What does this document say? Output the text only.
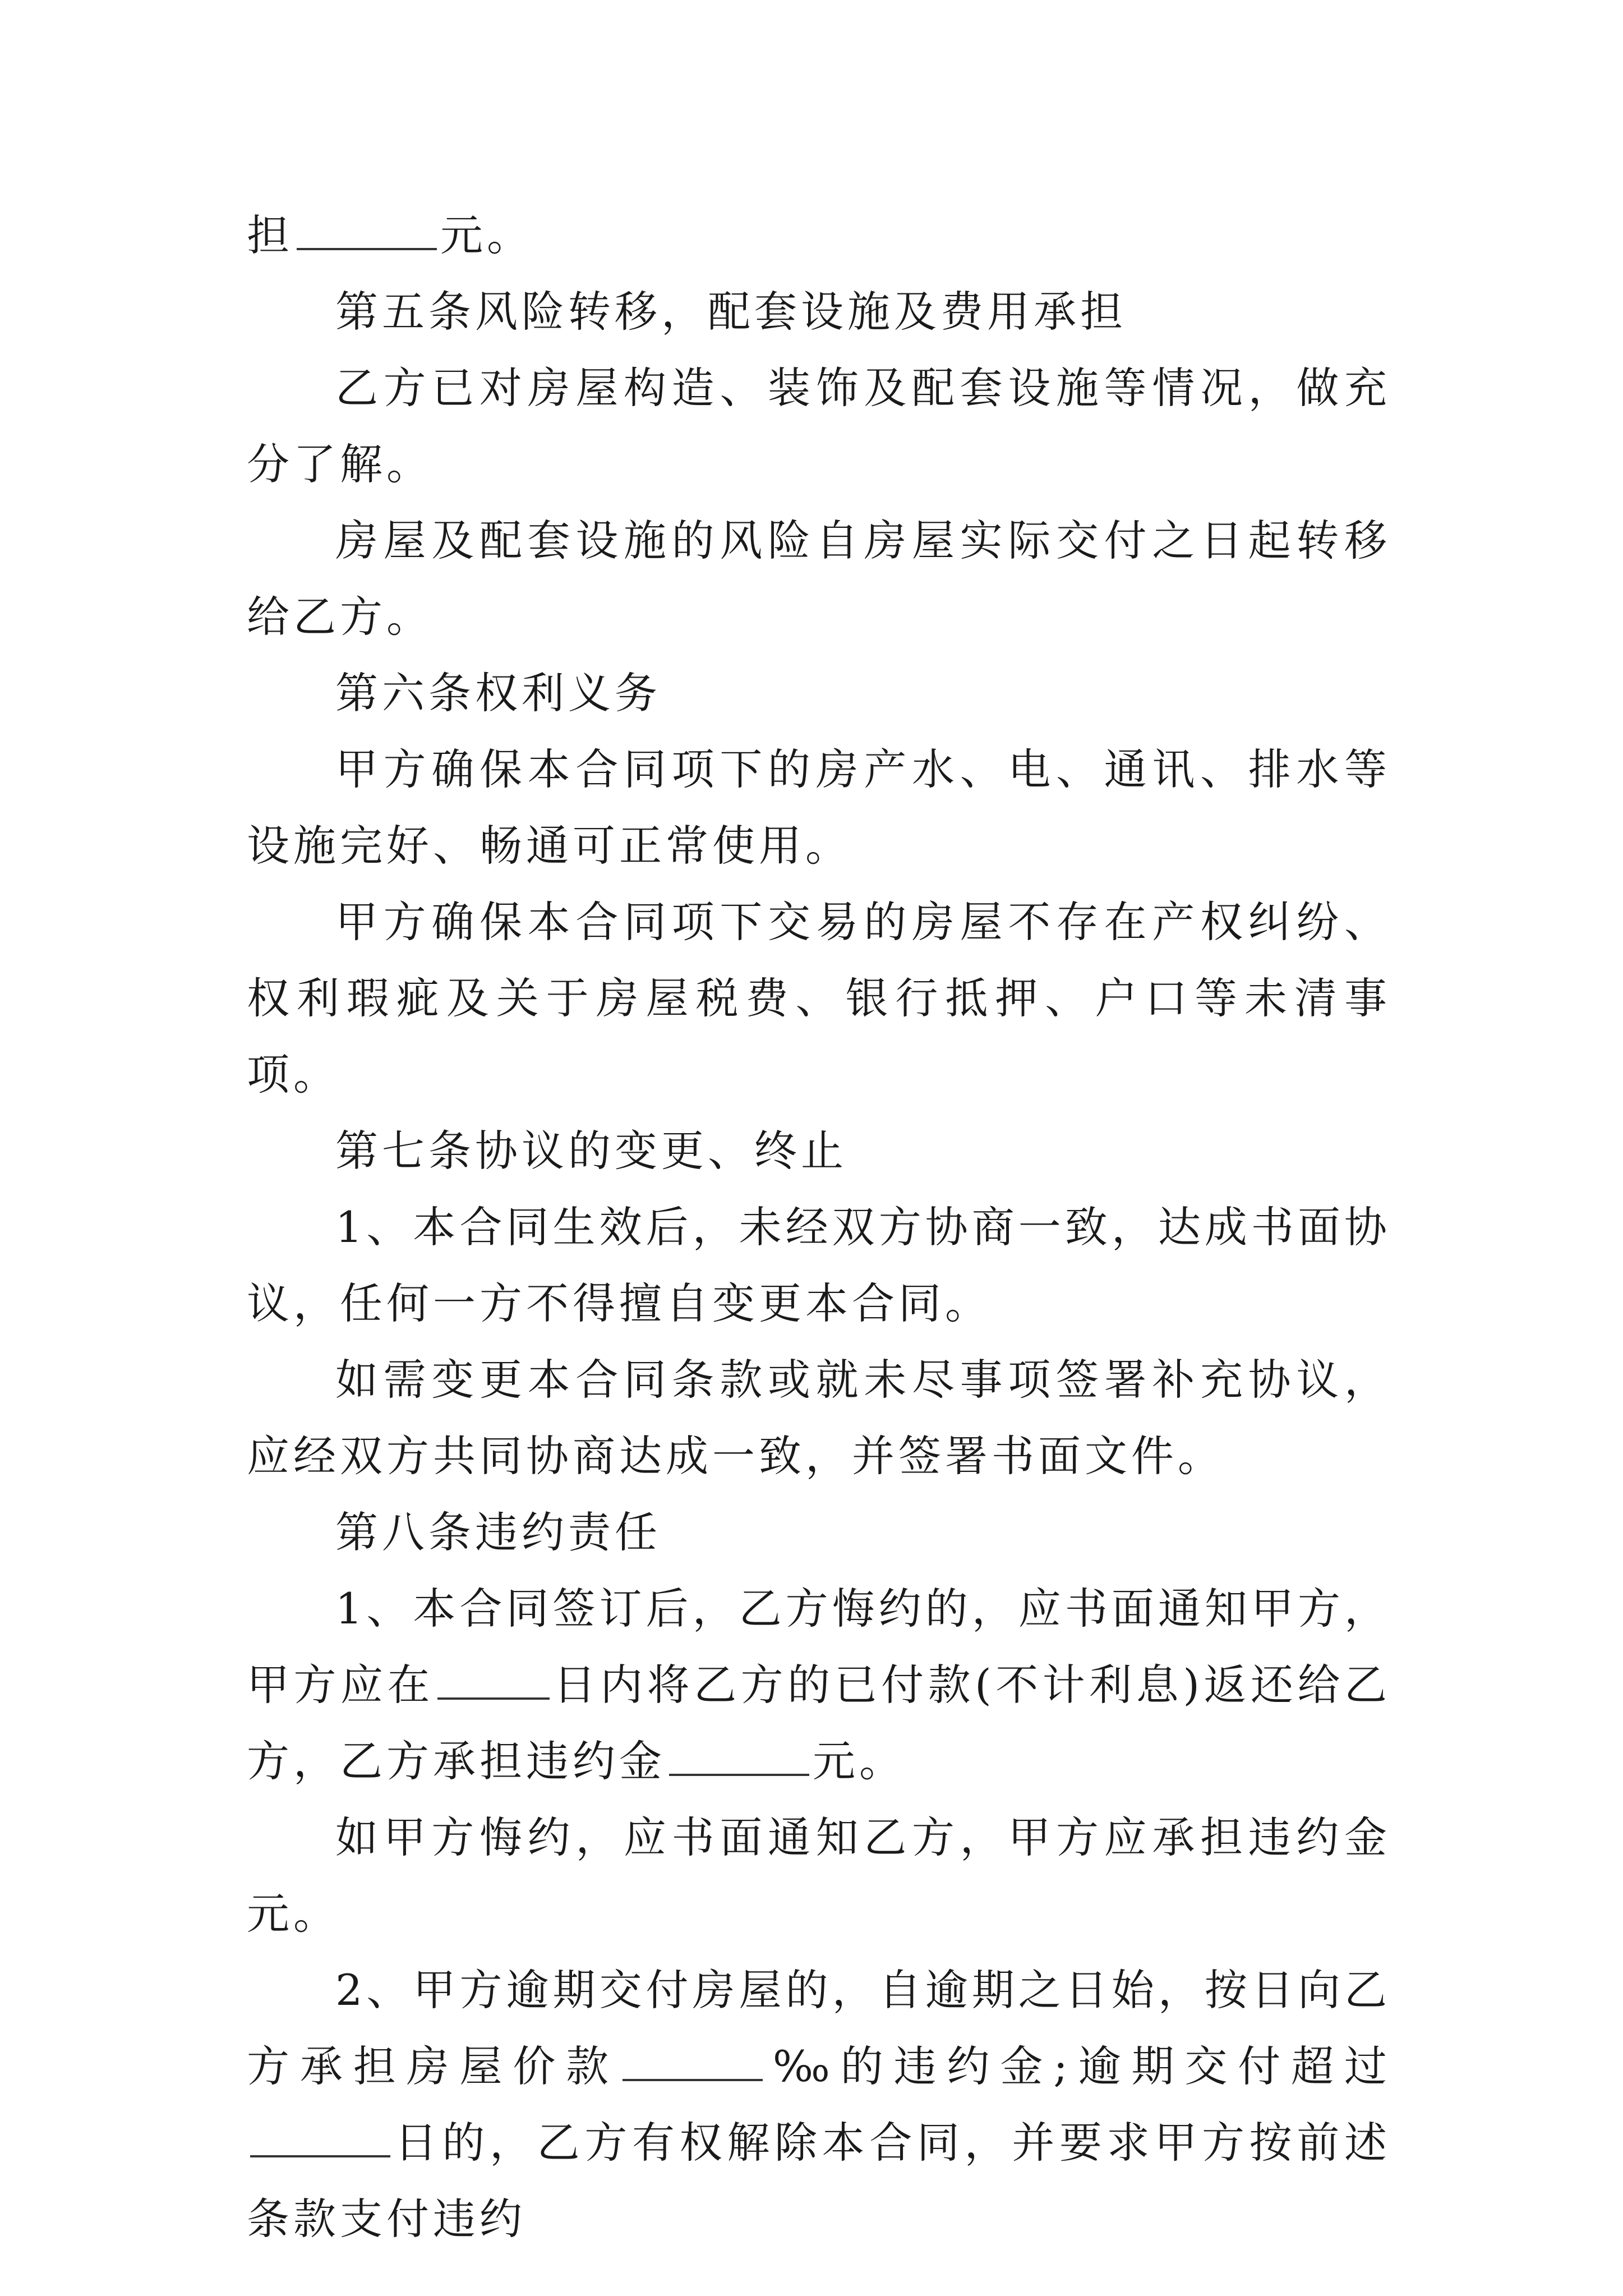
担	元。

第五条风险转移，配套设施及费用承担

乙方已对房屋构造、装饰及配套设施等情况，做充分了解。

房屋及配套设施的风险自房屋实际交付之日起转移给乙方。

第六条权利义务

甲方确保本合同项下的房产水、电、通讯、排水等设施完好、畅通可正常使用。

甲方确保本合同项下交易的房屋不存在产权纠纷、权利瑕疵及关于房屋税费、银行抵押、户口等未清事项。

第七条协议的变更、终止

1、本合同生效后，未经双方协商一致，达成书面协议，任何一方不得擅自变更本合同。

如需变更本合同条款或就未尽事项签署补充协议，应经双方共同协商达成一致，并签署书面文件。

第八条违约责任

1、本合同签订后，乙方悔约的，应书面通知甲方，甲方应在	日内将乙方的已付款(不计利息)返还给乙方，乙方承担违约金	元。

如甲方悔约，应书面通知乙方，甲方应承担违约金元。

2、甲方逾期交付房屋的，自逾期之日始，按日向乙方承担房屋价款	‰的违约金;逾期交付超过日的，乙方有权解除本合同，并要求甲方按前述条款支付违约
